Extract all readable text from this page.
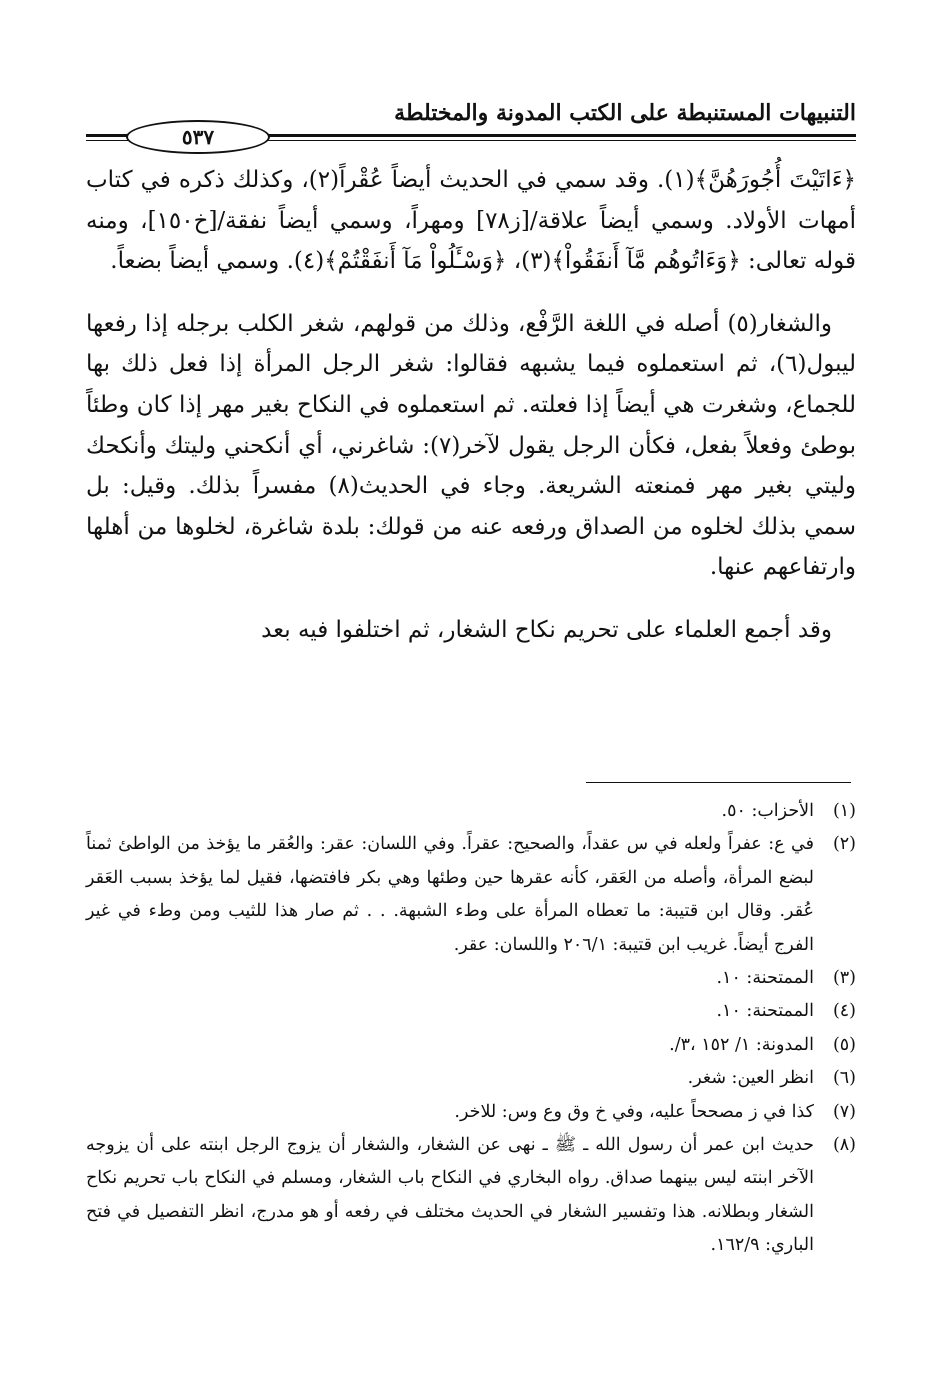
التنبيهات المستنبطة على الكتب المدونة والمختلطة
٥٣٧

﴿ءَاتَيْتَ أُجُورَهُنَّ﴾(١). وقد سمي في الحديث أيضاً عُقْراً(٢)، وكذلك ذكره في كتاب أمهات الأولاد. وسمي أيضاً علاقة/[ز٧٨] ومهراً، وسمي أيضاً نفقة/[خ١٥٠]، ومنه قوله تعالى: ﴿وَءَاتُوهُم مَّآ أَنفَقُواْ﴾(٣)، ﴿وَسْـَٔلُواْ مَآ أَنفَقْتُمْ﴾(٤). وسمي أيضاً بضعاً.

والشغار(٥) أصله في اللغة الرَّفْع، وذلك من قولهم، شغر الكلب برجله إذا رفعها ليبول(٦)، ثم استعملوه فيما يشبهه فقالوا: شغر الرجل المرأة إذا فعل ذلك بها للجماع، وشغرت هي أيضاً إذا فعلته. ثم استعملوه في النكاح بغير مهر إذا كان وطئاً بوطئ وفعلاً بفعل، فكأن الرجل يقول لآخر(٧): شاغرني، أي أنكحني وليتك وأنكحك وليتي بغير مهر فمنعته الشريعة. وجاء في الحديث(٨) مفسراً بذلك. وقيل: بل سمي بذلك لخلوه من الصداق ورفعه عنه من قولك: بلدة شاغرة، لخلوها من أهلها وارتفاعهم عنها.

وقد أجمع العلماء على تحريم نكاح الشغار، ثم اختلفوا فيه بعد

(١)
الأحزاب: ٥٠.
(٢)
في ع: عفراً ولعله في س عقداً، والصحيح: عقراً. وفي اللسان: عقر: والعُقر ما يؤخذ من الواطئ ثمناً لبضع المرأة، وأصله من العَقر، كأنه عقرها حين وطئها وهي بكر فافتضها، فقيل لما يؤخذ بسبب العَقر عُقر. وقال ابن قتيبة: ما تعطاه المرأة على وطء الشبهة. . . ثم صار هذا للثيب ومن وطء في غير الفرج أيضاً. غريب ابن قتيبة: ٢٠٦/١ واللسان: عقر.
(٣)
الممتحنة: ١٠.
(٤)
الممتحنة: ١٠.
(٥)
المدونة: ١/ ١٥٢ ،٣/.
(٦)
انظر العين: شغر.
(٧)
كذا في ز مصححاً عليه، وفي خ وق وع وس: للاخر.
(٨)
حديث ابن عمر أن رسول الله ـ ﷺ ـ نهى عن الشغار، والشغار أن يزوج الرجل ابنته على أن يزوجه الآخر ابنته ليس بينهما صداق. رواه البخاري في النكاح باب الشغار، ومسلم في النكاح باب تحريم نكاح الشغار وبطلانه. هذا وتفسير الشغار في الحديث مختلف في رفعه أو هو مدرج، انظر التفصيل في فتح الباري: ١٦٢/٩.
